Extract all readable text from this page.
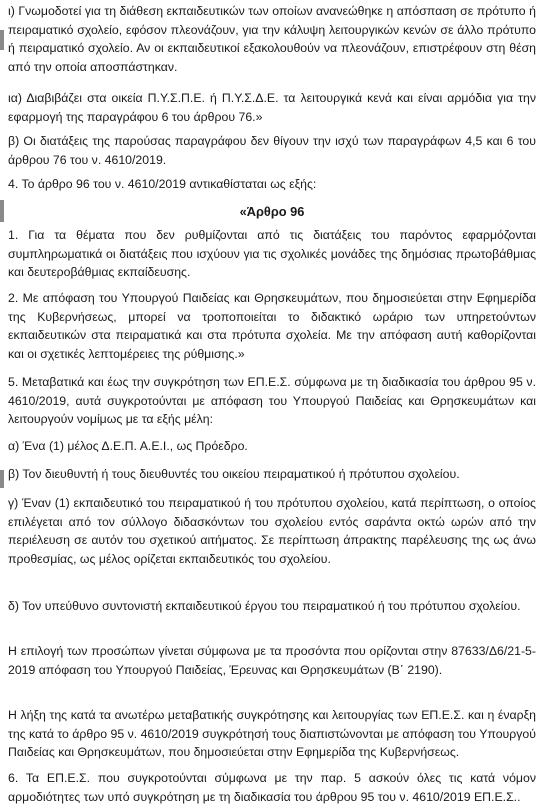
ι) Γνωμοδοτεί για τη διάθεση εκπαιδευτικών των οποίων ανανεώθηκε η απόσπαση σε πρότυπο ή πειραματικό σχολείο, εφόσον πλεονάζουν, για την κάλυψη λειτουργικών κενών σε άλλο πρότυπο ή πειραματικό σχολείο. Αν οι εκπαιδευτικοί εξακολουθούν να πλεονάζουν, επιστρέφουν στη θέση από την οποία αποσπάστηκαν.

ια) Διαβιβάζει στα οικεία Π.Υ.Σ.Π.Ε. ή Π.Υ.Σ.Δ.Ε. τα λειτουργικά κενά και είναι αρμόδια για την εφαρμογή της παραγράφου 6 του άρθρου 76.»

β) Οι διατάξεις της παρούσας παραγράφου δεν θίγουν την ισχύ των παραγράφων 4,5 και 6 του άρθρου 76 του ν. 4610/2019.

4. Το άρθρο 96 του ν. 4610/2019 αντικαθίσταται ως εξής:

«Άρθρο 96

1. Για τα θέματα που δεν ρυθμίζονται από τις διατάξεις του παρόντος εφαρμόζονται συμπληρωματικά οι διατάξεις που ισχύουν για τις σχολικές μονάδες της δημόσιας πρωτοβάθμιας και δευτεροβάθμιας εκπαίδευσης.

2. Με απόφαση του Υπουργού Παιδείας και Θρησκευμάτων, που δημοσιεύεται στην Εφημερίδα της Κυβερνήσεως, μπορεί να τροποποιείται το διδακτικό ωράριο των υπηρετούντων εκπαιδευτικών στα πειραματικά και στα πρότυπα σχολεία. Με την απόφαση αυτή καθορίζονται και οι σχετικές λεπτομέρειες της ρύθμισης.»

5. Μεταβατικά και έως την συγκρότηση των ΕΠ.Ε.Σ. σύμφωνα με τη διαδικασία του άρθρου 95 ν. 4610/2019, αυτά συγκροτούνται με απόφαση του Υπουργού Παιδείας και Θρησκευμάτων και λειτουργούν νομίμως με τα εξής μέλη:

α) Ένα (1) μέλος Δ.Ε.Π. Α.Ε.Ι., ως Πρόεδρο.

β) Τον διευθυντή ή τους διευθυντές του οικείου πειραματικού ή πρότυπου σχολείου.

γ) Έναν (1) εκπαιδευτικό του πειραματικού ή του πρότυπου σχολείου, κατά περίπτωση, ο οποίος επιλέγεται από τον σύλλογο διδασκόντων του σχολείου εντός σαράντα οκτώ ωρών από την περιέλευση σε αυτόν του σχετικού αιτήματος. Σε περίπτωση άπρακτης παρέλευσης της ως άνω προθεσμίας, ως μέλος ορίζεται εκπαιδευτικός του σχολείου.

δ) Τον υπεύθυνο συντονιστή εκπαιδευτικού έργου του πειραματικού ή του πρότυπου σχολείου.

Η επιλογή των προσώπων γίνεται σύμφωνα με τα προσόντα που ορίζονται στην 87633/Δ6/21-5-2019 απόφαση του Υπουργού Παιδείας, Έρευνας και Θρησκευμάτων (Β΄ 2190).

Η λήξη της κατά τα ανωτέρω μεταβατικής συγκρότησης και λειτουργίας των ΕΠ.Ε.Σ. και η έναρξη της κατά το άρθρο 95 ν. 4610/2019 συγκρότησή τους διαπιστώνονται με απόφαση του Υπουργού Παιδείας και Θρησκευμάτων, που δημοσιεύεται στην Εφημερίδα της Κυβερνήσεως.

6. Τα ΕΠ.Ε.Σ. που συγκροτούνται σύμφωνα με την παρ. 5 ασκούν όλες τις κατά νόμον αρμοδιότητες των υπό συγκρότηση με τη διαδικασία του άρθρου 95 του ν. 4610/2019 ΕΠ.Ε.Σ..
